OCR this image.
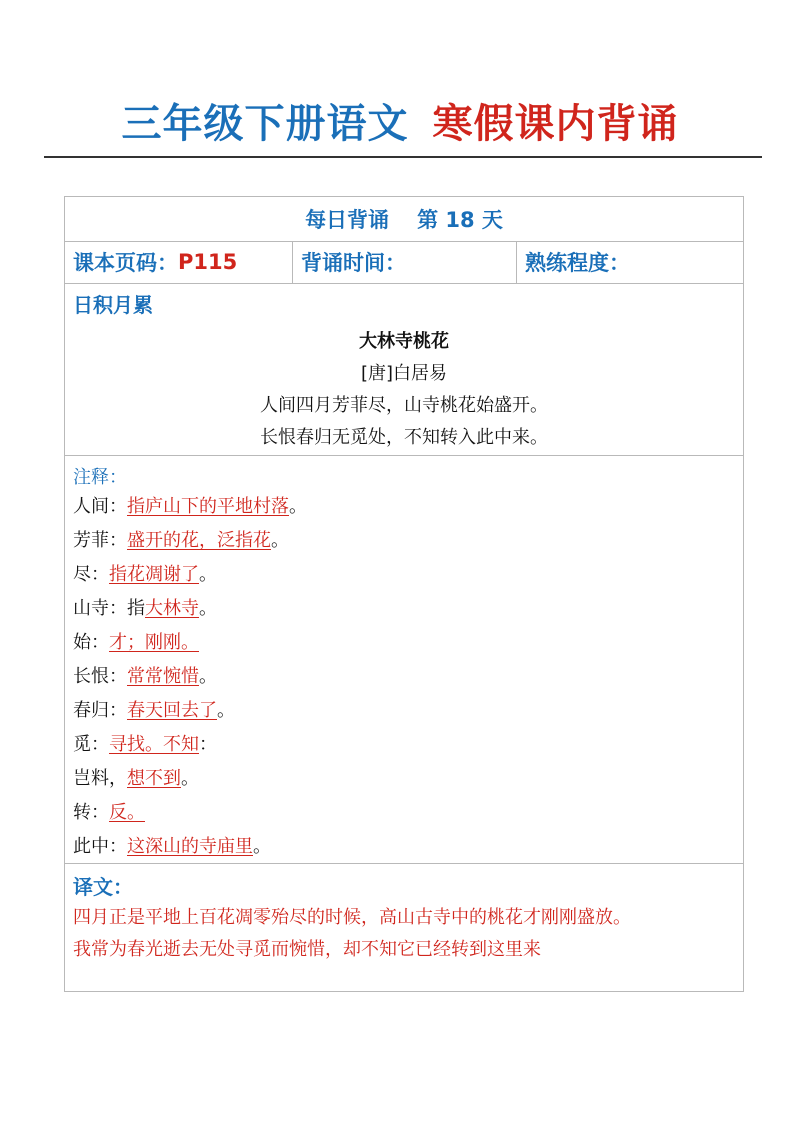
三年级下册语文 寒假课内背诵
每日背诵 第 18 天
课本页码： P115	背诵时间：	熟练程度：
日积月累
大林寺桃花
[唐]白居易
人间四月芳菲尽，山寺桃花始盛开。
长恨春归无觅处，不知转入此中来。
注释：
人间：指庐山下的平地村落。
芳菲：盛开的花，泛指花。
尽：指花凋谢了。
山寺：指大林寺。
始：才；刚刚。
长恨：常常惋惜。
春归：春天回去了。
觅：寻找。不知：
岂料，想不到。
转：反。
此中：这深山的寺庙里。
译文：
四月正是平地上百花凋零殆尽的时候，高山古寺中的桃花才刚刚盛放。
我常为春光逝去无处寻觅而惋惜，却不知它已经转到这里来
